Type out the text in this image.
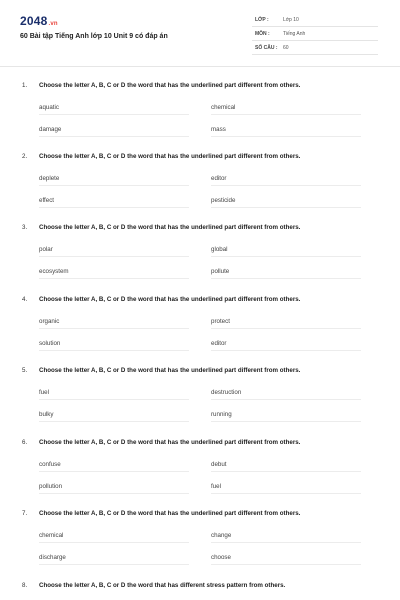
2048.vn
60 Bài tập Tiếng Anh lớp 10 Unit 9 có đáp án
LỚP :	Lớp 10
MÔN :	Tiếng Anh
SỐ CÂU : 60
1. Choose the letter A, B, C or D the word that has the underlined part different from others.
aquatic	chemical
damage	mass
2. Choose the letter A, B, C or D the word that has the underlined part different from others.
deplete	editor
effect	pesticide
3. Choose the letter A, B, C or D the word that has the underlined part different from others.
polar	global
ecosystem	pollute
4. Choose the letter A, B, C or D the word that has the underlined part different from others.
organic	protect
solution	editor
5. Choose the letter A, B, C or D the word that has the underlined part different from others.
fuel	destruction
bulky	running
6. Choose the letter A, B, C or D the word that has the underlined part different from others.
confuse	debut
pollution	fuel
7. Choose the letter A, B, C or D the word that has the underlined part different from others.
chemical	change
discharge	choose
8. Choose the letter A, B, C or D the word that has different stress pattern from others.
